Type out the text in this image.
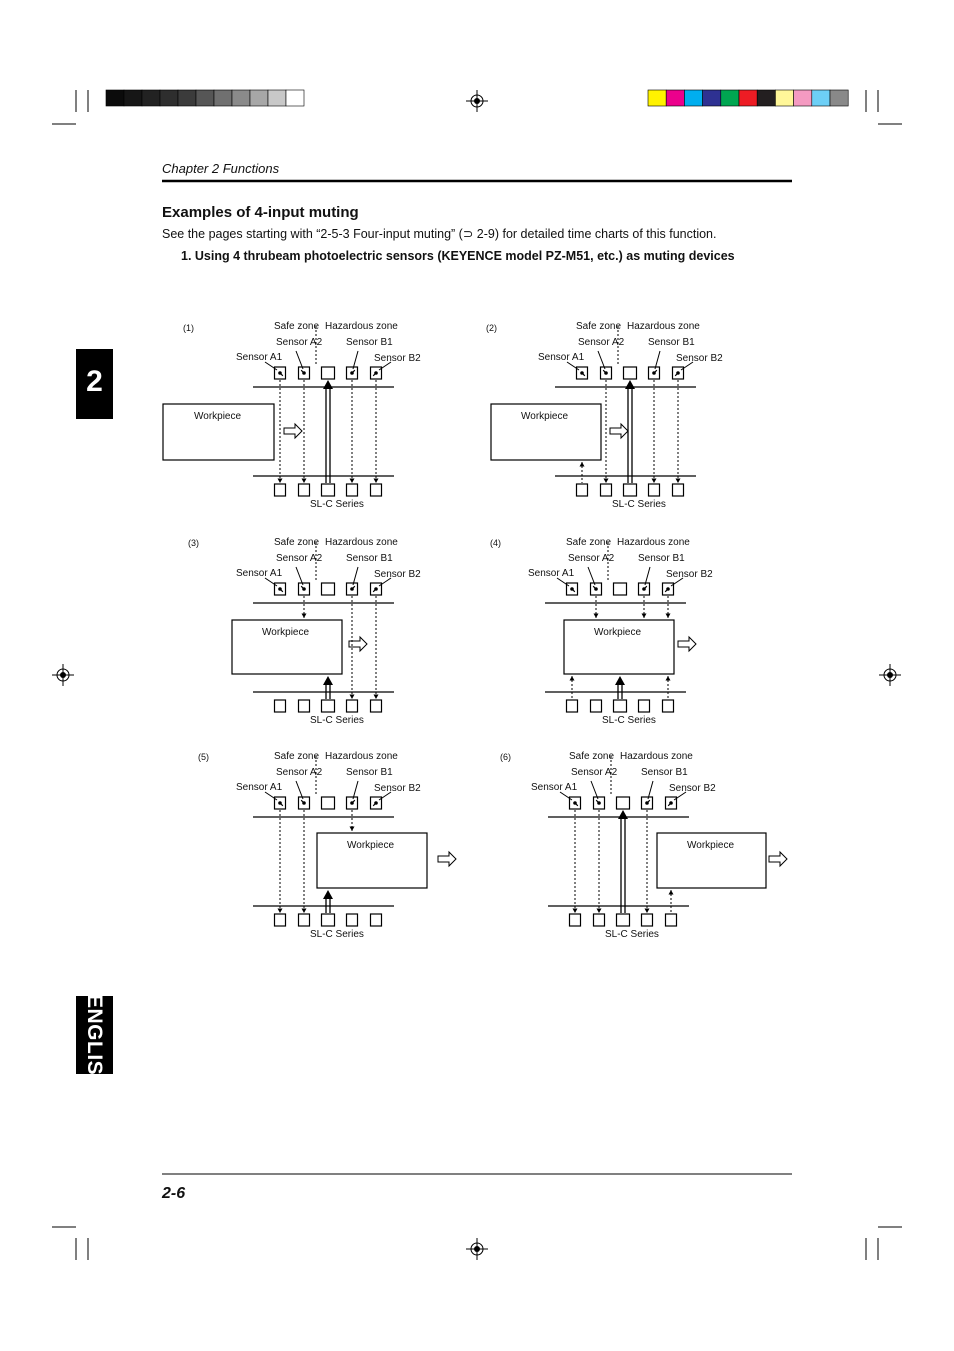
Chapter 2 Functions
Examples of 4-input muting
See the pages starting with “2-5-3 Four-input muting” (⊃ 2-9) for detailed time charts of this function.
1. Using 4 thrubeam photoelectric sensors (KEYENCE model PZ-M51, etc.) as muting devices
2
ENGLISH
2-6
(1)	Safe zone Hazardous zone
Sensor A2 Sensor B1
Sensor A1	Sensor B2
Workpiece
SL-C Series
(2)	Safe zone Hazardous zone
Sensor A2 Sensor B1
Sensor A1	Sensor B2
Workpiece
SL-C Series
(3)	Safe zone Hazardous zone
Sensor A2 Sensor B1
Sensor A1	Sensor B2
Workpiece
SL-C Series
(4)	Safe zone Hazardous zone
Sensor A2 Sensor B1
Sensor A1	Sensor B2
Workpiece
SL-C Series
(5)	Safe zone Hazardous zone
Sensor A2 Sensor B1
Sensor A1	Sensor B2
Workpiece
SL-C Series
(6)	Safe zone Hazardous zone
Sensor A2 Sensor B1
Sensor A1	Sensor B2
Workpiece
SL-C Series
